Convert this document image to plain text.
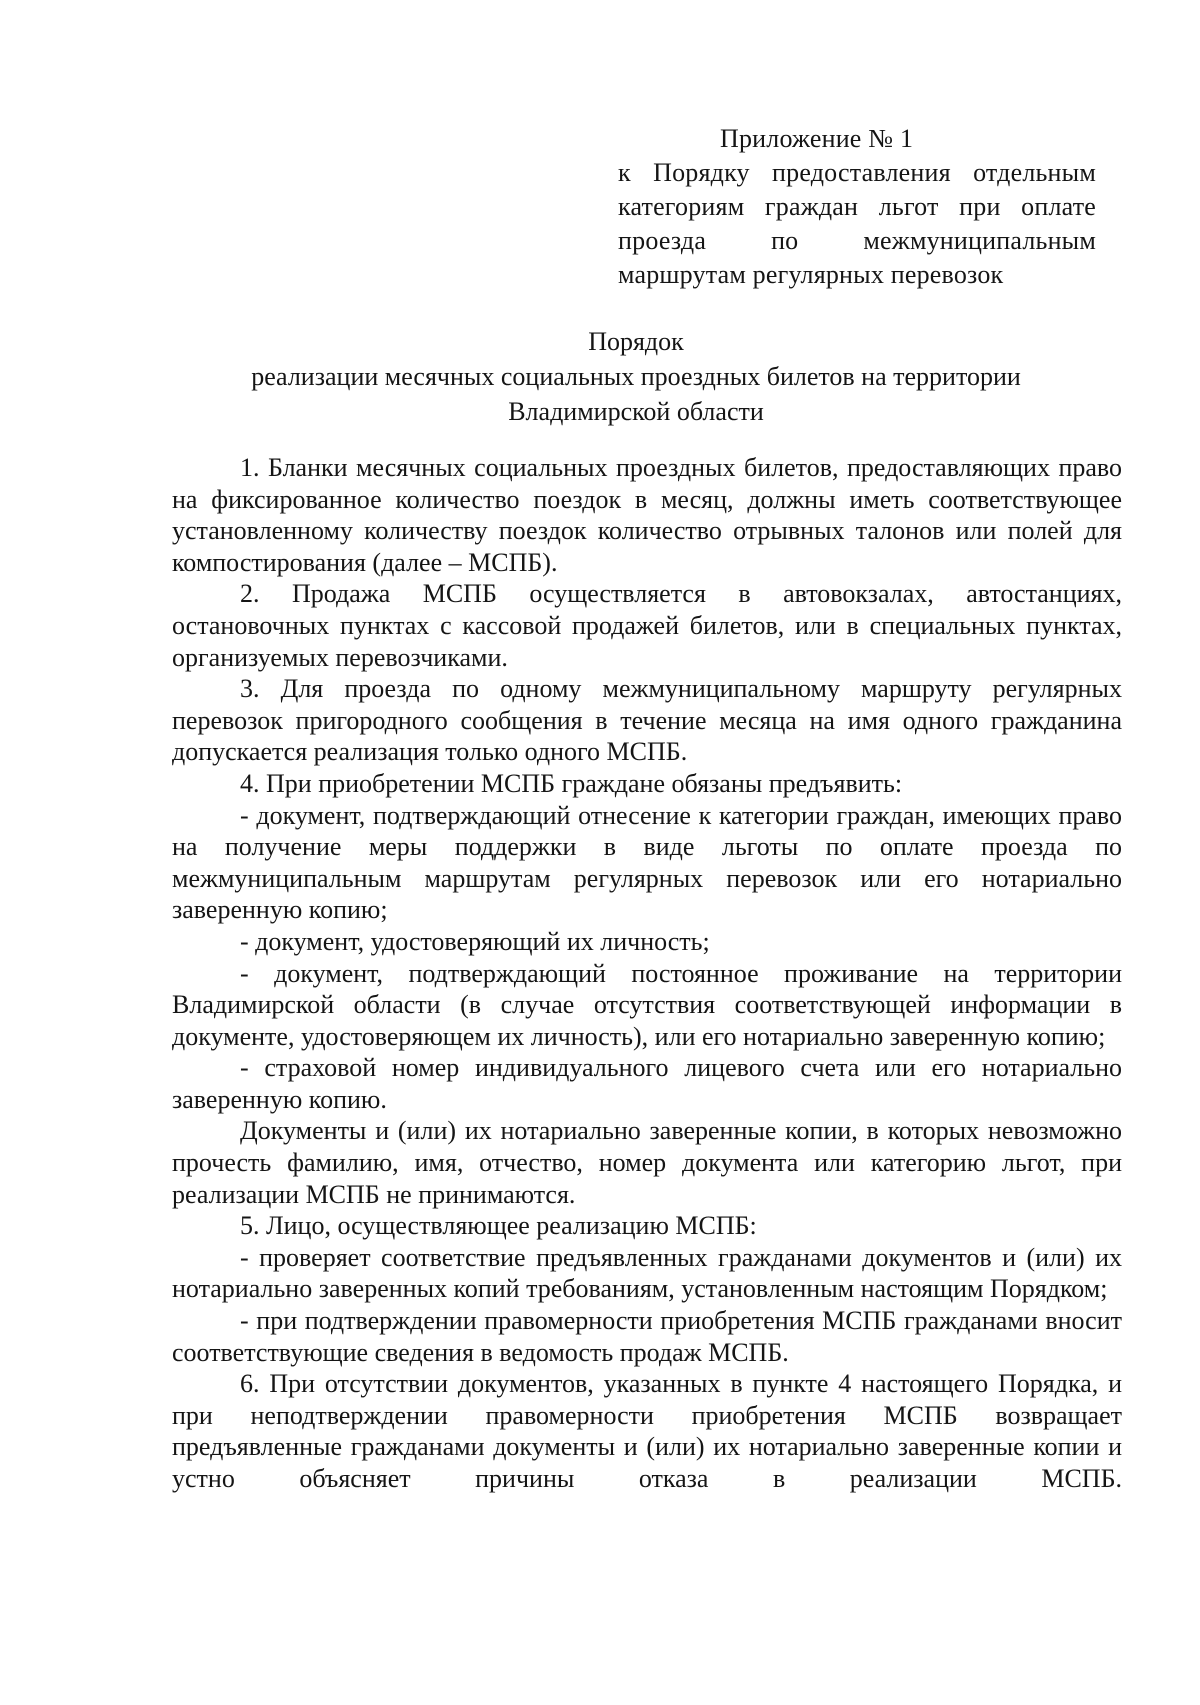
Приложение № 1
к Порядку предоставления отдельным категориям граждан льгот при оплате проезда по межмуниципальным маршрутам регулярных перевозок
Порядок
реализации месячных социальных проездных билетов на территории
Владимирской области

1. Бланки месячных социальных проездных билетов, предоставляющих право на фиксированное количество поездок в месяц, должны иметь соответствующее установленному количеству поездок количество отрывных талонов или полей для компостирования (далее – МСПБ).

2. Продажа МСПБ осуществляется в автовокзалах, автостанциях, остановочных пунктах с кассовой продажей билетов, или в специальных пунктах, организуемых перевозчиками.

3. Для проезда по одному межмуниципальному маршруту регулярных перевозок пригородного сообщения в течение месяца на имя одного гражданина допускается реализация только одного МСПБ.

4. При приобретении МСПБ граждане обязаны предъявить:

- документ, подтверждающий отнесение к категории граждан, имеющих право на получение меры поддержки в виде льготы по оплате проезда по межмуниципальным маршрутам регулярных перевозок или его нотариально заверенную копию;

- документ, удостоверяющий их личность;

- документ, подтверждающий постоянное проживание на территории Владимирской области (в случае отсутствия соответствующей информации в документе, удостоверяющем их личность), или его нотариально заверенную копию;

- страховой номер индивидуального лицевого счета или его нотариально заверенную копию.

Документы и (или) их нотариально заверенные копии, в которых невозможно прочесть фамилию, имя, отчество, номер документа или категорию льгот, при реализации МСПБ не принимаются.

5. Лицо, осуществляющее реализацию МСПБ:

- проверяет соответствие предъявленных гражданами документов и (или) их нотариально заверенных копий требованиям, установленным настоящим Порядком;

- при подтверждении правомерности приобретения МСПБ гражданами вносит соответствующие сведения в ведомость продаж МСПБ.

6. При отсутствии документов, указанных в пункте 4 настоящего Порядка, и при неподтверждении правомерности приобретения МСПБ возвращает предъявленные гражданами документы и (или) их нотариально заверенные копии и устно объясняет причины отказа в реализации МСПБ.
